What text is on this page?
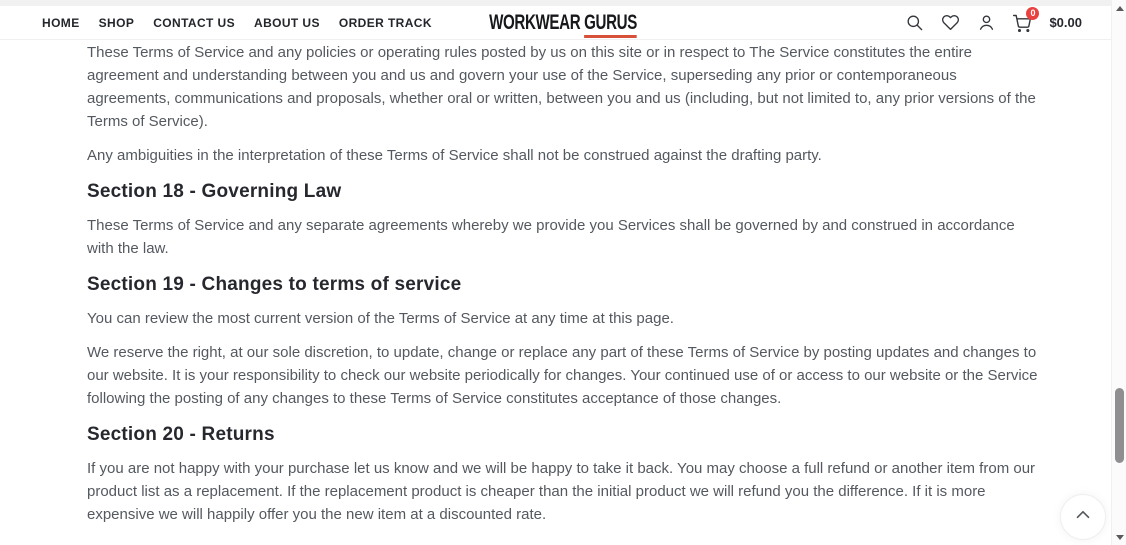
HOME SHOP CONTACT US ABOUT US ORDER TRACK	WORKWEAR GURUS	0
$0.00

These Terms of Service and any policies or operating rules posted by us on this site or in respect to The Service constitutes the entire agreement and understanding between you and us and govern your use of the Service, superseding any prior or contemporaneous agreements, communications and proposals, whether oral or written, between you and us (including, but not limited to, any prior versions of the Terms of Service).

Any ambiguities in the interpretation of these Terms of Service shall not be construed against the drafting party.

Section 18 - Governing Law

These Terms of Service and any separate agreements whereby we provide you Services shall be governed by and construed in accordance with the law.

Section 19 - Changes to terms of service

You can review the most current version of the Terms of Service at any time at this page.

We reserve the right, at our sole discretion, to update, change or replace any part of these Terms of Service by posting updates and changes to our website. It is your responsibility to check our website periodically for changes. Your continued use of or access to our website or the Service following the posting of any changes to these Terms of Service constitutes acceptance of those changes.

Section 20 - Returns

If you are not happy with your purchase let us know and we will be happy to take it back. You may choose a full refund or another item from our product list as a replacement. If the replacement product is cheaper than the initial product we will refund you the difference. If it is more expensive we will happily offer you the new item at a discounted rate.
